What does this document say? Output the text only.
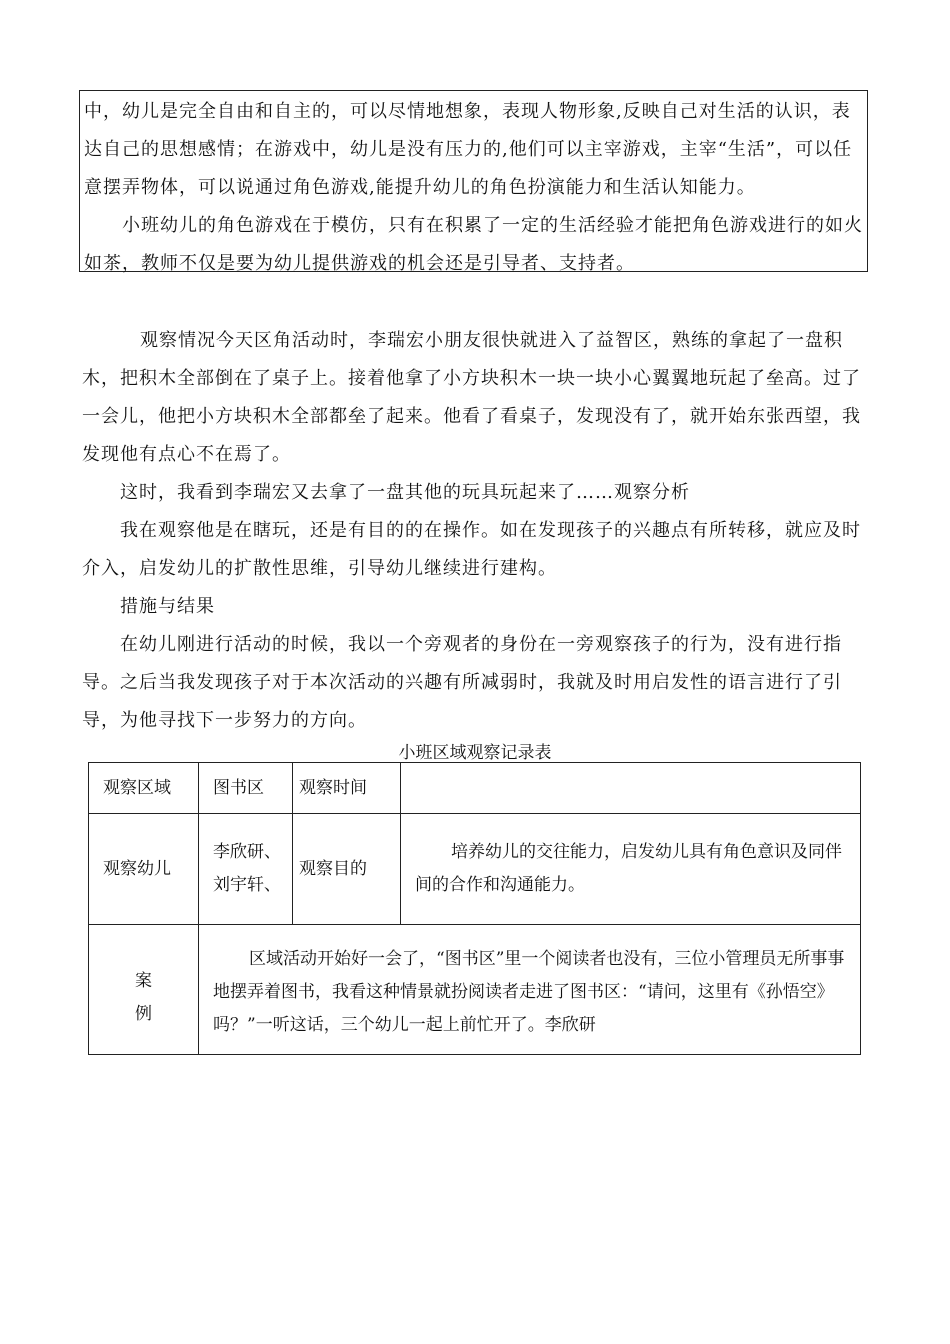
中，幼儿是完全自由和自主的，可以尽情地想象，表现人物形象,反映自己对生活的认识，表达自己的思想感情；在游戏中，幼儿是没有压力的,他们可以主宰游戏，主宰“生活”，可以任意摆弄物体，可以说通过角色游戏,能提升幼儿的角色扮演能力和生活认知能力。

小班幼儿的角色游戏在于模仿，只有在积累了一定的生活经验才能把角色游戏进行的如火如茶，教师不仅是要为幼儿提供游戏的机会还是引导者、支持者。

观察情况今天区角活动时，李瑞宏小朋友很快就进入了益智区，熟练的拿起了一盘积木，把积木全部倒在了桌子上。接着他拿了小方块积木一块一块小心翼翼地玩起了垒高。过了一会儿，他把小方块积木全部都垒了起来。他看了看桌子，发现没有了，就开始东张西望，我发现他有点心不在焉了。

这时，我看到李瑞宏又去拿了一盘其他的玩具玩起来了……观察分析

我在观察他是在瞎玩，还是有目的的在操作。如在发现孩子的兴趣点有所转移，就应及时介入，启发幼儿的扩散性思维，引导幼儿继续进行建构。

措施与结果

在幼儿刚进行活动的时候，我以一个旁观者的身份在一旁观察孩子的行为，没有进行指导。之后当我发现孩子对于本次活动的兴趣有所减弱时，我就及时用启发性的语言进行了引导，为他寻找下一步努力的方向。

小班区域观察记录表
观察区域	图书区	观察时间	
观察幼儿	李欣研、刘宇轩、	观察目的	培养幼儿的交往能力，启发幼儿具有角色意识及同伴间的合作和沟通能力。

案
例	区域活动开始好一会了，“图书区”里一个阅读者也没有，三位小管理员无所事事地摆弄着图书，我看这种情景就扮阅读者走进了图书区：“请问，这里有《孙悟空》吗？”一听这话，三个幼儿一起上前忙开了。李欣研		
